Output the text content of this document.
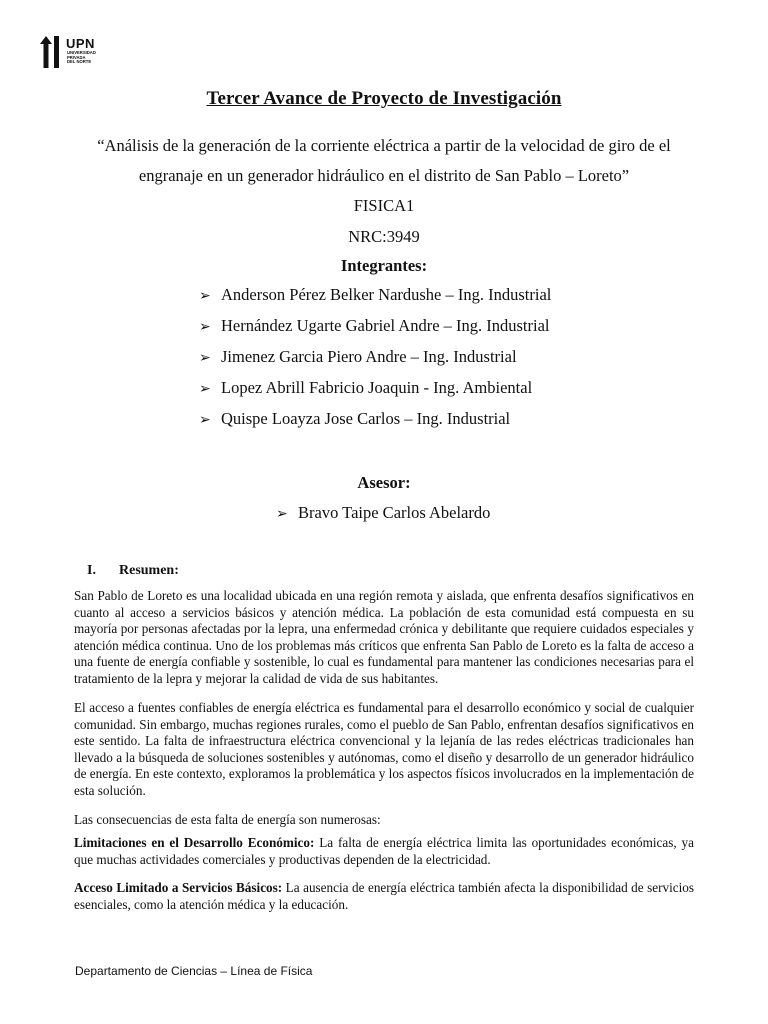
UPN
UNIVERSIDAD
PRIVADA
DEL NORTE
Tercer Avance de Proyecto de Investigación
“Análisis de la generación de la corriente eléctrica a partir de la velocidad de giro de el
engranaje en un generador hidráulico en el distrito de San Pablo – Loreto”
FISICA1
NRC:3949
Integrantes:
➢ Anderson Pérez Belker Nardushe – Ing. Industrial
➢ Hernández Ugarte Gabriel Andre – Ing. Industrial
➢ Jimenez Garcia Piero Andre – Ing. Industrial
➢ Lopez Abrill Fabricio Joaquin - Ing. Ambiental
➢ Quispe Loayza Jose Carlos – Ing. Industrial
Asesor:
➢ Bravo Taipe Carlos Abelardo
I. Resumen:

San Pablo de Loreto es una localidad ubicada en una región remota y aislada, que enfrenta desafíos significativos en cuanto al acceso a servicios básicos y atención médica. La población de esta comunidad está compuesta en su mayoría por personas afectadas por la lepra, una enfermedad crónica y debilitante que requiere cuidados especiales y atención médica continua. Uno de los problemas más críticos que enfrenta San Pablo de Loreto es la falta de acceso a una fuente de energía confiable y sostenible, lo cual es fundamental para mantener las condiciones necesarias para el tratamiento de la lepra y mejorar la calidad de vida de sus habitantes.

El acceso a fuentes confiables de energía eléctrica es fundamental para el desarrollo económico y social de cualquier comunidad. Sin embargo, muchas regiones rurales, como el pueblo de San Pablo, enfrentan desafíos significativos en este sentido. La falta de infraestructura eléctrica convencional y la lejanía de las redes eléctricas tradicionales han llevado a la búsqueda de soluciones sostenibles y autónomas, como el diseño y desarrollo de un generador hidráulico de energía. En este contexto, exploramos la problemática y los aspectos físicos involucrados en la implementación de esta solución.

Las consecuencias de esta falta de energía son numerosas:

Limitaciones en el Desarrollo Económico: La falta de energía eléctrica limita las oportunidades económicas, ya que muchas actividades comerciales y productivas dependen de la electricidad.

Acceso Limitado a Servicios Básicos: La ausencia de energía eléctrica también afecta la disponibilidad de servicios esenciales, como la atención médica y la educación.

Departamento de Ciencias – Línea de Física
